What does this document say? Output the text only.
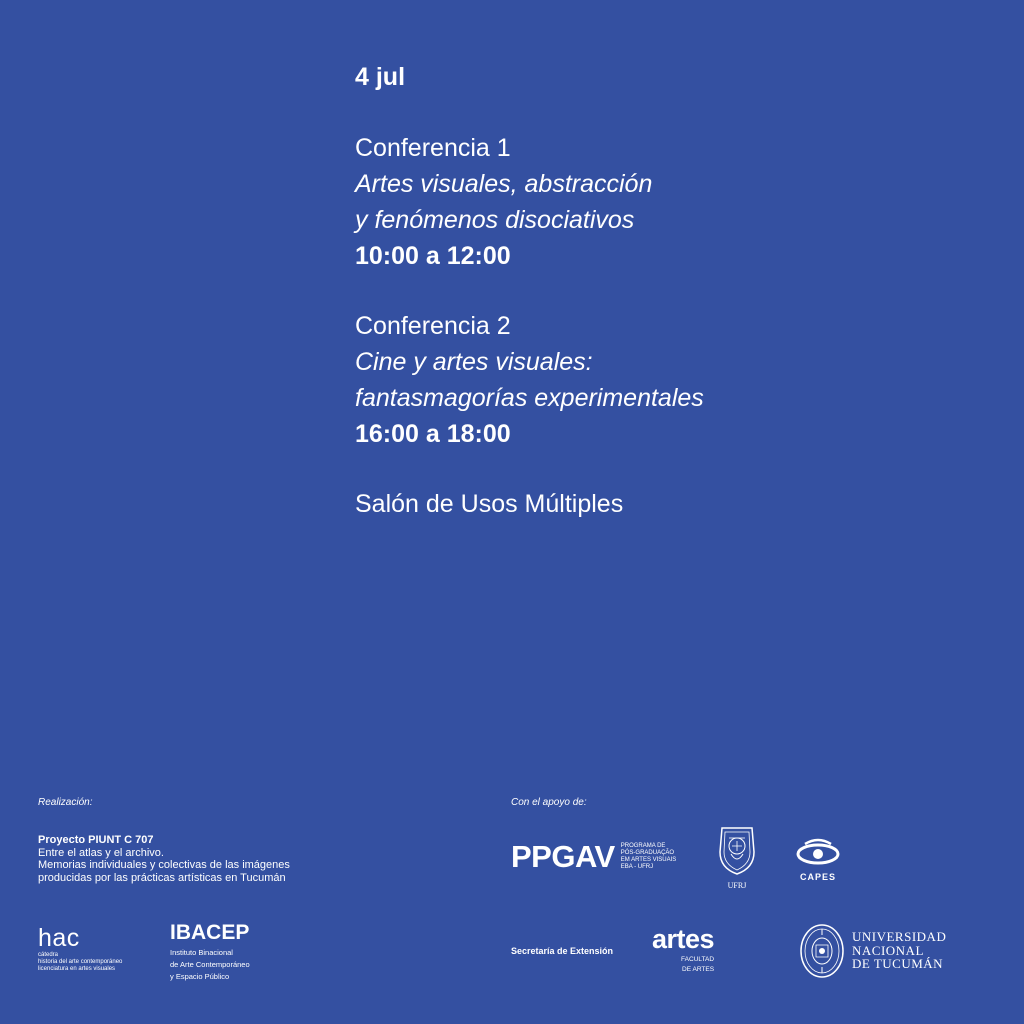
4 jul
Conferencia 1
Artes visuales, abstracción
y fenómenos disociativos
10:00 a 12:00
Conferencia 2
Cine y artes visuales:
fantasmagorías experimentales
16:00 a 18:00
Salón de Usos Múltiples
Realización:
Proyecto PIUNT C 707
Entre el atlas y el archivo.
Memorias individuales y colectivas de las imágenes
producidas por las prácticas artísticas en Tucumán
hac
cátedra
historia del arte contemporáneo
licenciatura en artes visuales
IBACEP
Instituto Binacional
de Arte Contemporáneo
y Espacio Público
Con el apoyo de:
PPGAV PROGRAMA DE
PÓS-GRADUAÇÃO
EM ARTES VISUAIS
EBA - UFRJ
UFRJ
CAPES
Secretaría de Extensión artes
FACULTAD
DE ARTES
UNIVERSIDAD
NACIONAL
DE TUCUMÁN
